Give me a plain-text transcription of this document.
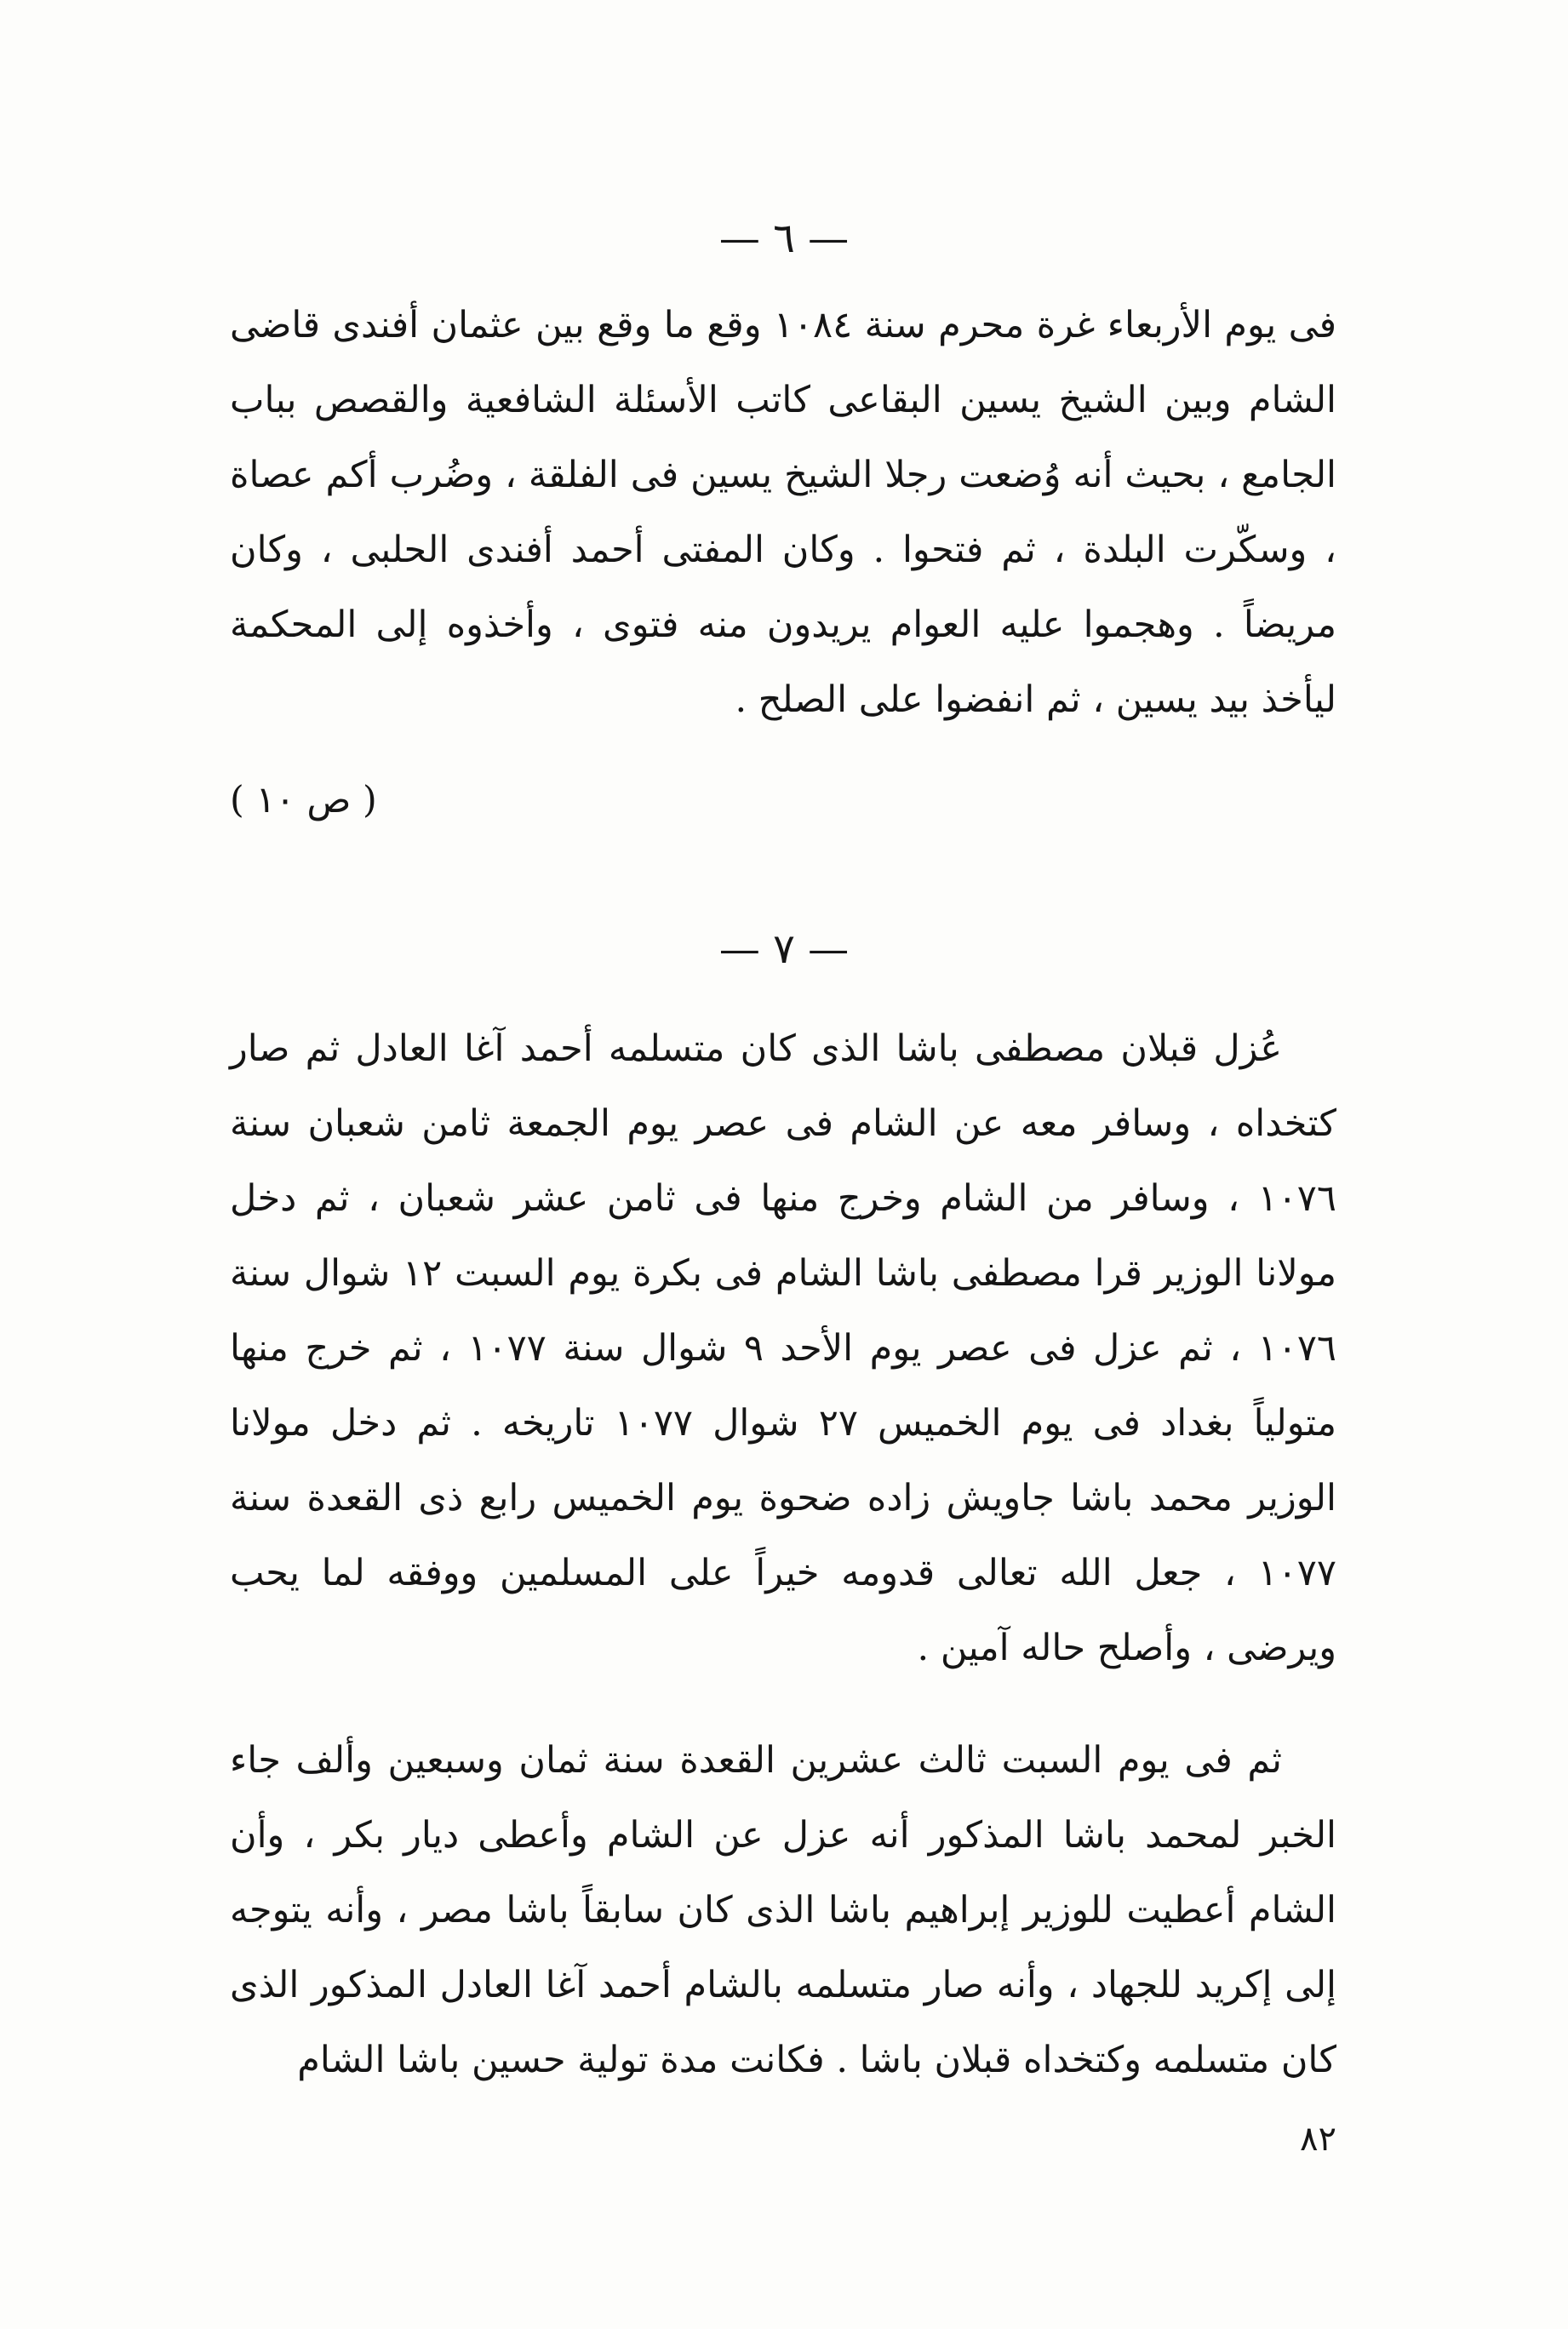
— ٦ —
فى يوم الأربعاء غرة محرم سنة ١٠٨٤ وقع ما وقع بين عثمان أفندى قاضى الشام وبين الشيخ يسين البقاعى كاتب الأسئلة الشافعية والقصص بباب الجامع ، بحيث أنه وُضعت رجلا الشيخ يسين فى الفلقة ، وضُرب أكم عصاة ، وسكّرت البلدة ، ثم فتحوا . وكان المفتى أحمد أفندى الحلبى ، وكان مريضاً . وهجموا عليه العوام يريدون منه فتوى ، وأخذوه إلى المحكمة ليأخذ بيد يسين ، ثم انفضوا على الصلح .
( ص ١٠ )
— ٧ —
عُزل قبلان مصطفى باشا الذى كان متسلمه أحمد آغا العادل ثم صار كتخداه ، وسافر معه عن الشام فى عصر يوم الجمعة ثامن شعبان سنة ١٠٧٦ ، وسافر من الشام وخرج منها فى ثامن عشر شعبان ، ثم دخل مولانا الوزير قرا مصطفى باشا الشام فى بكرة يوم السبت ١٢ شوال سنة ١٠٧٦ ، ثم عزل فى عصر يوم الأحد ٩ شوال سنة ١٠٧٧ ، ثم خرج منها متولياً بغداد فى يوم الخميس ٢٧ شوال ١٠٧٧ تاريخه . ثم دخل مولانا الوزير محمد باشا جاويش زاده ضحوة يوم الخميس رابع ذى القعدة سنة ١٠٧٧ ، جعل الله تعالى قدومه خيراً على المسلمين ووفقه لما يحب ويرضى ، وأصلح حاله آمين .
ثم فى يوم السبت ثالث عشرين القعدة سنة ثمان وسبعين وألف جاء الخبر لمحمد باشا المذكور أنه عزل عن الشام وأعطى ديار بكر ، وأن الشام أعطيت للوزير إبراهيم باشا الذى كان سابقاً باشا مصر ، وأنه يتوجه إلى إكريد للجهاد ، وأنه صار متسلمه بالشام أحمد آغا العادل المذكور الذى كان متسلمه وكتخداه قبلان باشا . فكانت مدة تولية حسين باشا الشام
٨٢
